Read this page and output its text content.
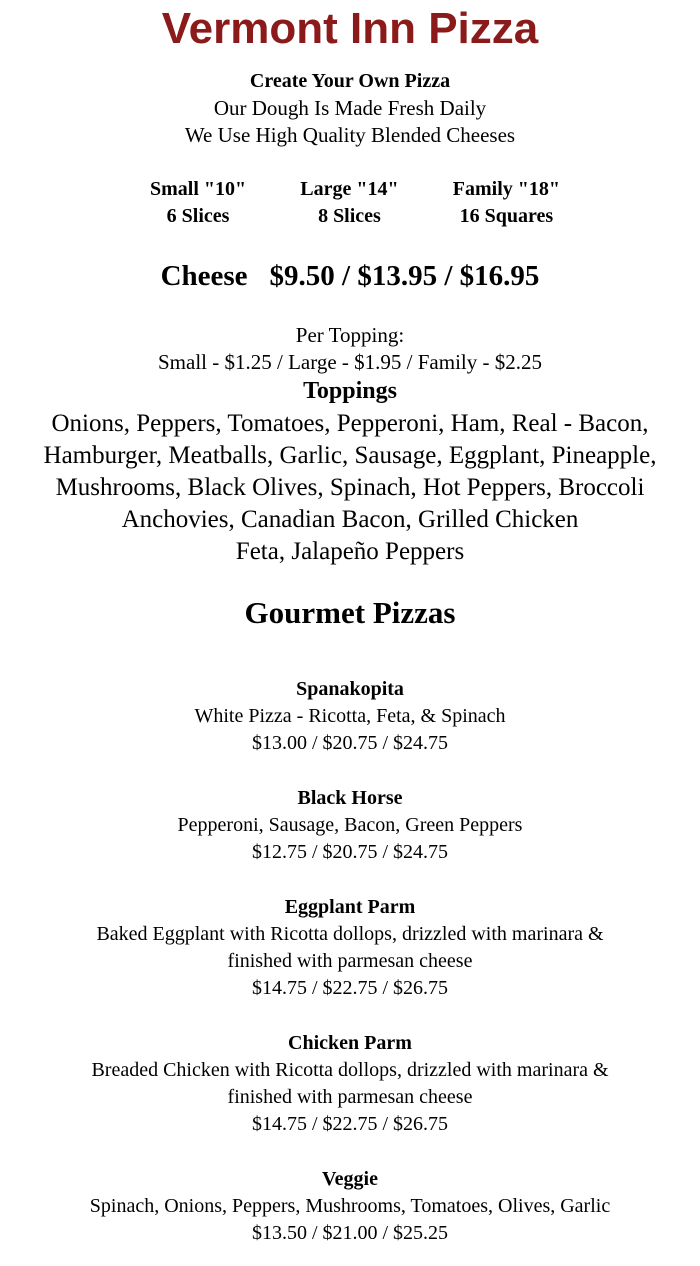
Vermont Inn Pizza
Create Your Own Pizza
Our Dough Is Made Fresh Daily
We Use High Quality Blended Cheeses
Small "10"
6 Slices
Large "14"
8 Slices
Family "18"
16 Squares
Cheese $9.50 / $13.95 / $16.95
Per Topping:
Small - $1.25 / Large - $1.95 / Family - $2.25
Toppings
Onions, Peppers, Tomatoes, Pepperoni, Ham, Real - Bacon,
Hamburger, Meatballs, Garlic, Sausage, Eggplant, Pineapple,
Mushrooms, Black Olives, Spinach, Hot Peppers, Broccoli
Anchovies, Canadian Bacon, Grilled Chicken
Feta, Jalapeño Peppers
Gourmet Pizzas
Spanakopita
White Pizza - Ricotta, Feta, & Spinach
$13.00 / $20.75 / $24.75
Black Horse
Pepperoni, Sausage, Bacon, Green Peppers
$12.75 / $20.75 / $24.75
Eggplant Parm
Baked Eggplant with Ricotta dollops, drizzled with marinara &
finished with parmesan cheese
$14.75 / $22.75 / $26.75
Chicken Parm
Breaded Chicken with Ricotta dollops, drizzled with marinara &
finished with parmesan cheese
$14.75 / $22.75 / $26.75
Veggie
Spinach, Onions, Peppers, Mushrooms, Tomatoes, Olives, Garlic
$13.50 / $21.00 / $25.25
